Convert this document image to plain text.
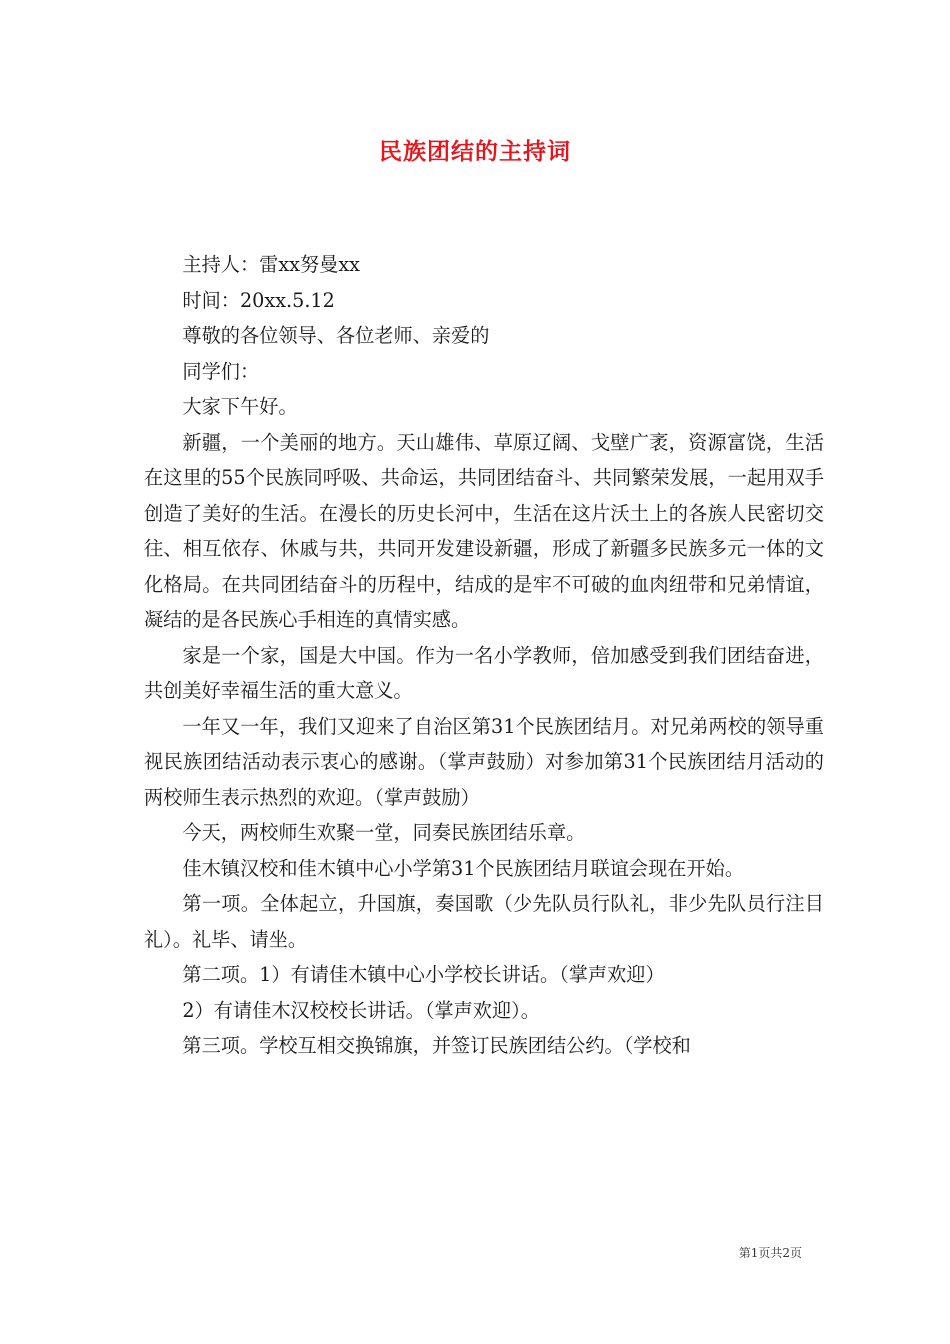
民族团结的主持词

主持人：雷xx努曼xx

时间：20xx.5.12

尊敬的各位领导、各位老师、亲爱的

同学们：

大家下午好。

新疆，一个美丽的地方。天山雄伟、草原辽阔、戈壁广袤，资源富饶，生活在这里的55个民族同呼吸、共命运，共同团结奋斗、共同繁荣发展，一起用双手创造了美好的生活。在漫长的历史长河中，生活在这片沃土上的各族人民密切交往、相互依存、休戚与共，共同开发建设新疆，形成了新疆多民族多元一体的文化格局。在共同团结奋斗的历程中，结成的是牢不可破的血肉纽带和兄弟情谊，凝结的是各民族心手相连的真情实感。

家是一个家，国是大中国。作为一名小学教师，倍加感受到我们团结奋进，共创美好幸福生活的重大意义。

一年又一年，我们又迎来了自治区第31个民族团结月。对兄弟两校的领导重视民族团结活动表示衷心的感谢。（掌声鼓励）对参加第31个民族团结月活动的两校师生表示热烈的欢迎。（掌声鼓励）

今天，两校师生欢聚一堂，同奏民族团结乐章。

佳木镇汉校和佳木镇中心小学第31个民族团结月联谊会现在开始。

第一项。全体起立，升国旗，奏国歌（少先队员行队礼，非少先队员行注目礼）。礼毕、请坐。

第二项。1）有请佳木镇中心小学校长讲话。（掌声欢迎）

2）有请佳木汉校校长讲话。（掌声欢迎）。

第三项。学校互相交换锦旗，并签订民族团结公约。（学校和

第1页共2页
